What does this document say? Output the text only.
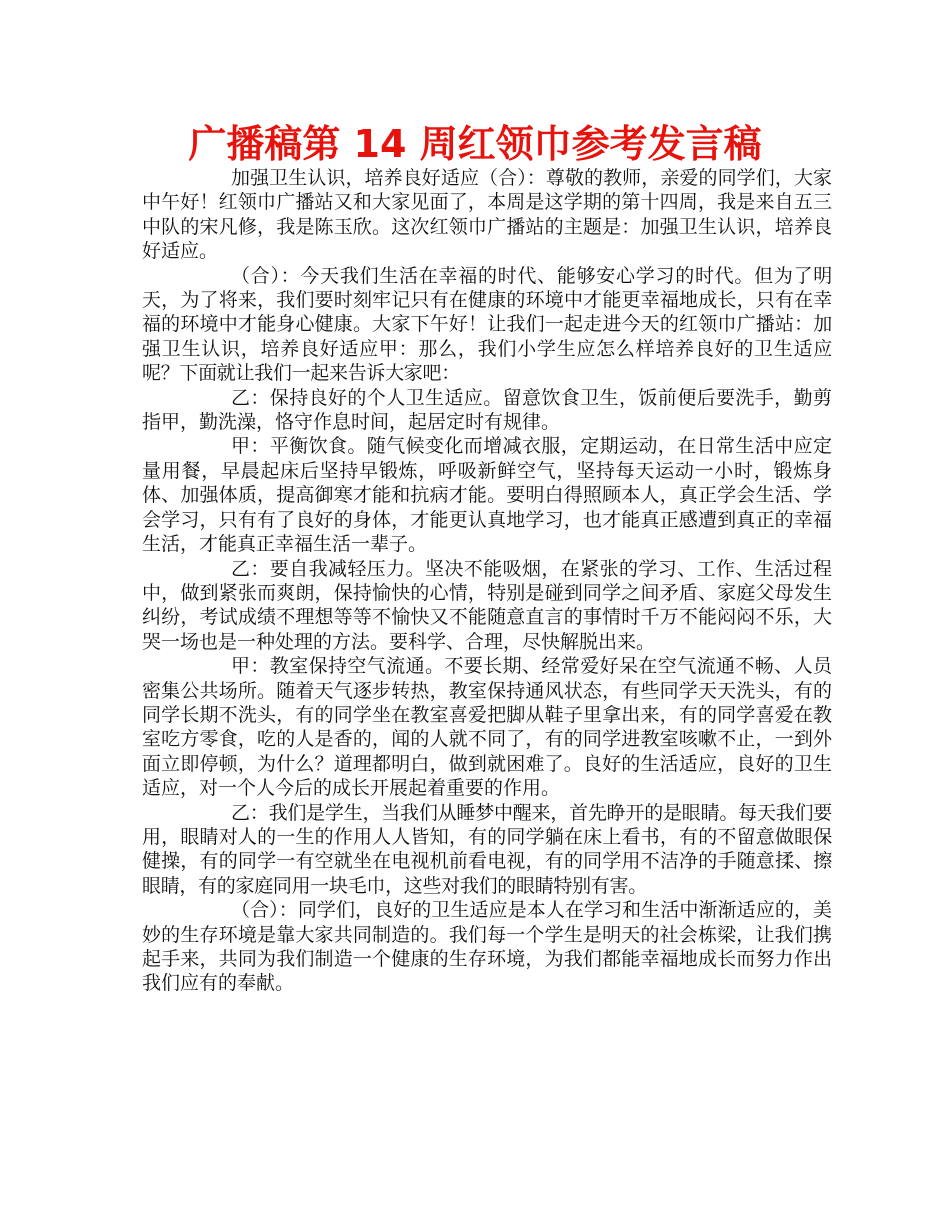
广播稿第 14 周红领巾参考发言稿

加强卫生认识，培养良好适应（合）：尊敬的教师，亲爱的同学们，大家中午好！红领巾广播站又和大家见面了，本周是这学期的第十四周，我是来自五三中队的宋凡修，我是陈玉欣。这次红领巾广播站的主题是：加强卫生认识，培养良好适应。

（合）：今天我们生活在幸福的时代、能够安心学习的时代。但为了明天，为了将来，我们要时刻牢记只有在健康的环境中才能更幸福地成长，只有在幸福的环境中才能身心健康。大家下午好！让我们一起走进今天的红领巾广播站：加强卫生认识，培养良好适应甲：那么，我们小学生应怎么样培养良好的卫生适应呢？下面就让我们一起来告诉大家吧：

乙：保持良好的个人卫生适应。留意饮食卫生，饭前便后要洗手，勤剪指甲，勤洗澡，恪守作息时间，起居定时有规律。

甲：平衡饮食。随气候变化而增减衣服，定期运动，在日常生活中应定量用餐，早晨起床后坚持早锻炼，呼吸新鲜空气，坚持每天运动一小时，锻炼身体、加强体质，提高御寒才能和抗病才能。要明白得照顾本人，真正学会生活、学会学习，只有有了良好的身体，才能更认真地学习，也才能真正感遭到真正的幸福生活，才能真正幸福生活一辈子。

乙：要自我减轻压力。坚决不能吸烟，在紧张的学习、工作、生活过程中，做到紧张而爽朗，保持愉快的心情，特别是碰到同学之间矛盾、家庭父母发生纠纷，考试成绩不理想等等不愉快又不能随意直言的事情时千万不能闷闷不乐，大哭一场也是一种处理的方法。要科学、合理，尽快解脱出来。

甲：教室保持空气流通。不要长期、经常爱好呆在空气流通不畅、人员密集公共场所。随着天气逐步转热，教室保持通风状态，有些同学天天洗头，有的同学长期不洗头，有的同学坐在教室喜爱把脚从鞋子里拿出来，有的同学喜爱在教室吃方零食，吃的人是香的，闻的人就不同了，有的同学进教室咳嗽不止，一到外面立即停顿，为什么？道理都明白，做到就困难了。良好的生活适应，良好的卫生适应，对一个人今后的成长开展起着重要的作用。

乙：我们是学生，当我们从睡梦中醒来，首先睁开的是眼睛。每天我们要用，眼睛对人的一生的作用人人皆知，有的同学躺在床上看书，有的不留意做眼保健操，有的同学一有空就坐在电视机前看电视，有的同学用不洁净的手随意揉、擦眼睛，有的家庭同用一块毛巾，这些对我们的眼睛特别有害。

（合）：同学们，良好的卫生适应是本人在学习和生活中渐渐适应的，美妙的生存环境是靠大家共同制造的。我们每一个学生是明天的社会栋梁，让我们携起手来，共同为我们制造一个健康的生存环境，为我们都能幸福地成长而努力作出我们应有的奉献。
